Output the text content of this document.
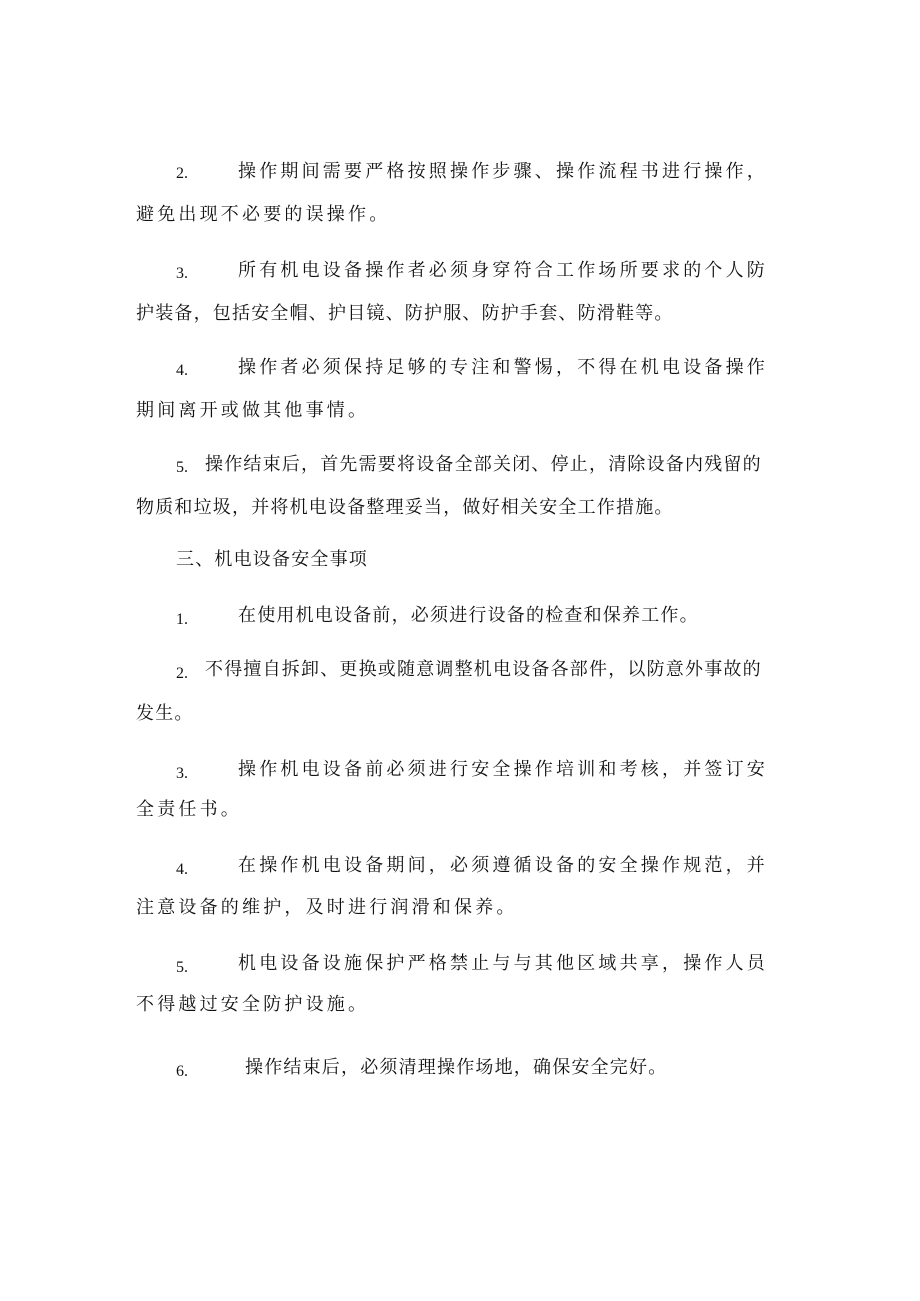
2.	操作期间需要严格按照操作步骤、操作流程书进行操作，
避免出现不必要的误操作。
3.	所有机电设备操作者必须身穿符合工作场所要求的个人防
护装备，包括安全帽、护目镜、防护服、防护手套、防滑鞋等。
4.	操作者必须保持足够的专注和警惕，不得在机电设备操作
期间离开或做其他事情。
5. 操作结束后，首先需要将设备全部关闭、停止，清除设备内残留的
物质和垃圾，并将机电设备整理妥当，做好相关安全工作措施。
三、机电设备安全事项
1.	在使用机电设备前，必须进行设备的检查和保养工作。
2. 不得擅自拆卸、更换或随意调整机电设备各部件，以防意外事故的
发生。
3.	操作机电设备前必须进行安全操作培训和考核，并签订安
全责任书。
4.	在操作机电设备期间，必须遵循设备的安全操作规范，并
注意设备的维护，及时进行润滑和保养。
5.	机电设备设施保护严格禁止与与其他区域共享，操作人员
不得越过安全防护设施。
6.	操作结束后，必须清理操作场地，确保安全完好。
